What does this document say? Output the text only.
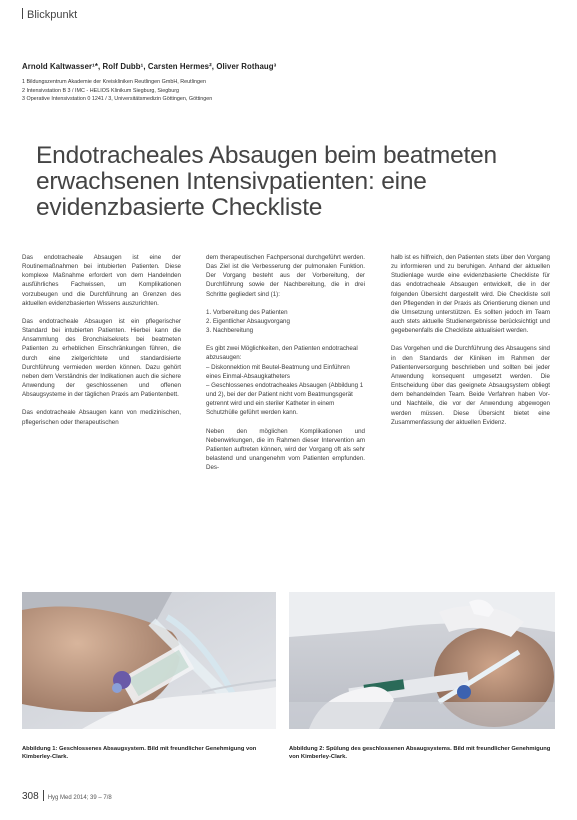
Blickpunkt
Arnold Kaltwasser¹*, Rolf Dubb¹, Carsten Hermes², Oliver Rothaug³
1 Bildungszentrum Akademie der Kreiskliniken Reutlingen GmbH, Reutlingen
2 Intensivstation B 3 / IMC - HELIOS Klinikum Siegburg, Siegburg
3 Operative Intensivstation 0 1241 / 3, Universitätsmedizin Göttingen, Göttingen
Endotracheales Absaugen beim beatmeten erwachsenen Intensivpatienten: eine evidenzbasierte Checkliste

Das endotracheale Absaugen ist eine der Routinemaßnahmen bei intubierten Patienten. Diese komplexe Maßnahme erfordert von dem Handelnden ausführliches Fachwissen, um Komplikationen vorzubeugen und die Durchführung an Grenzen des aktuellen evidenzbasierten Wissens auszurichten.

Das endotracheale Absaugen ist ein pflegerischer Standard bei intubierten Patienten. Hierbei kann die Ansammlung des Bronchialsekrets bei beatmeten Patienten zu erheblichen Einschränkungen führen, die durch eine zielgerichtete und standardisierte Durchführung vermieden werden können. Dazu gehört neben dem Verständnis der Indikationen auch die sichere Anwendung der geschlossenen und offenen Absaugsysteme in der täglichen Praxis am Patientenbett.

Das endotracheale Absaugen kann von medizinischen, pflegerischen oder therapeutischen

dem therapeutischen Fachpersonal durchgeführt werden. Das Ziel ist die Verbesserung der pulmonalen Funktion. Der Vorgang besteht aus der Vorbereitung, der Durchführung sowie der Nachbereitung, die in drei Schritte gegliedert sind (1):

1. Vorbereitung des Patienten
2. Eigentlicher Absaugvorgang
3. Nachbereitung

Es gibt zwei Möglichkeiten, den Patienten endotracheal abzusaugen:
– Diskonnektion mit Beutel-Beatmung und Einführen eines Einmal-Absaugkatheters
– Geschlossenes endotracheales Absaugen (Abbildung 1 und 2), bei der der Patient nicht vom Beatmungsgerät getrennt wird und ein steriler Katheter in einem Schutzhülle geführt werden kann.

Neben den möglichen Komplikationen und Nebenwirkungen, die im Rahmen dieser Intervention am Patienten auftreten können, wird der Vorgang oft als sehr belastend und unangenehm vom Patienten empfunden. Des-

halb ist es hilfreich, den Patienten stets über den Vorgang zu informieren und zu beruhigen. Anhand der aktuellen Studienlage wurde eine evidenzbasierte Checkliste für das endotracheale Absaugen entwickelt, die in der folgenden Übersicht dargestellt wird. Die Checkliste soll den Pflegenden in der Praxis als Orientierung dienen und die Umsetzung unterstützen. Es sollten jedoch im Team auch stets aktuelle Studienergebnisse berücksichtigt und gegebenenfalls die Checkliste aktualisiert werden.

Das Vorgehen und die Durchführung des Absaugens sind in den Standards der Kliniken im Rahmen der Patientenversorgung beschrieben und sollten bei jeder Anwendung konsequent umgesetzt werden. Die Entscheidung über das geeignete Absaugsystem obliegt dem behandelnden Team. Beide Verfahren haben Vor- und Nachteile, die vor der Anwendung abgewogen werden müssen. Diese Übersicht bietet eine Zusammenfassung der aktuellen Evidenz.

Abbildung 1: Geschlossenes Absaugsystem. Bild mit freundlicher Genehmigung von Kimberley-Clark.
Abbildung 2: Spülung des geschlossenen Absaugsystems. Bild mit freundlicher Genehmigung von Kimberley-Clark.
308 Hyg Med 2014; 39 – 7/8
